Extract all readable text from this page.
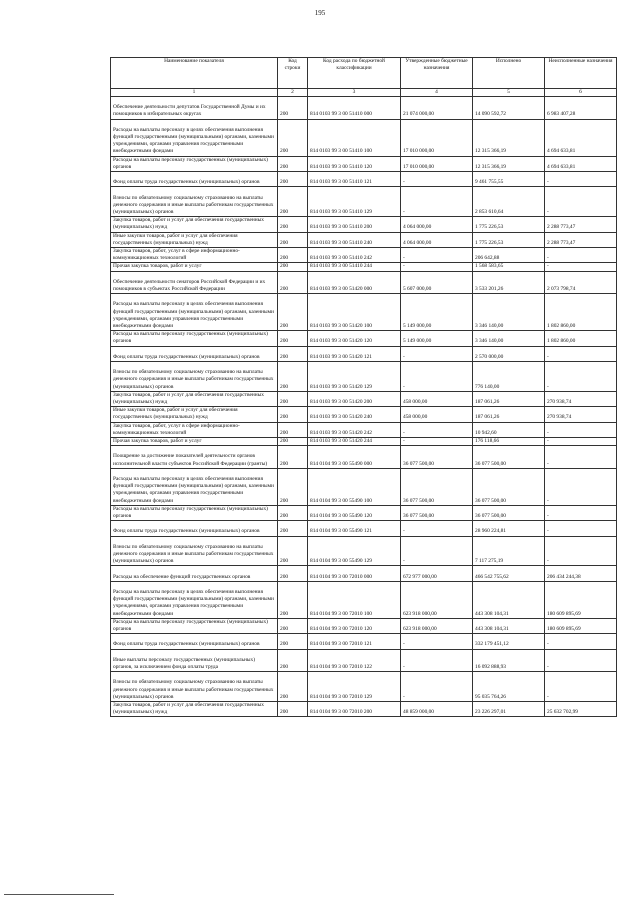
195
Наименование показателя	Код строки	Код расхода по бюджетной классификации	Утвержденные бюджетные назначения	Исполнено	Неисполненные назначения
1	2	3	4	5	6
Обеспечение деятельности депутатов Государственной Думы и их помощников в избирательных округах	200	814 0103 99 3 00 51410 000	21 074 000,00	14 090 592,72	6 983 407,28
Расходы на выплаты персоналу в целях обеспечения выполнения функций государственными (муниципальными) органами, казенными учреждениями, органами управления государственными внебюджетными фондами	200	814 0103 99 3 00 51410 100	17 010 000,00	12 315 366,19	4 694 633,81
Расходы на выплаты персоналу государственных (муниципальных) органов	200	814 0103 99 3 00 51410 120	17 010 000,00	12 315 366,19	4 694 633,81
Фонд оплаты труда государственных (муниципальных) органов	200	814 0103 99 3 00 51410 121	-	9 461 755,55	-
Взносы по обязательному социальному страхованию на выплаты денежного содержания и иные выплаты работникам государственных (муниципальных) органов	200	814 0103 99 3 00 51410 129	-	2 853 610,64	-
Закупка товаров, работ и услуг для обеспечения государственных (муниципальных) нужд	200	814 0103 99 3 00 51410 200	4 064 000,00	1 775 226,53	2 288 773,47
Иные закупки товаров, работ и услуг для обеспечения государственных (муниципальных) нужд	200	814 0103 99 3 00 51410 240	4 064 000,00	1 775 226,53	2 288 773,47
Закупка товаров, работ, услуг в сфере информационно-коммуникационных технологий	200	814 0103 99 3 00 51410 242	-	206 642,88	-
Прочая закупка товаров, работ и услуг	200	814 0103 99 3 00 51410 244	-	1 568 583,65	-
Обеспечение деятельности сенаторов Российской Федерации и их помощников в субъектах Российской Федерации	200	814 0103 99 3 00 51420 000	5 607 000,00	3 533 201,26	2 073 798,74
Расходы на выплаты персоналу в целях обеспечения выполнения функций государственными (муниципальными) органами, казенными учреждениями, органами управления государственными внебюджетными фондами	200	814 0103 99 3 00 51420 100	5 149 000,00	3 346 140,00	1 802 860,00
Расходы на выплаты персоналу государственных (муниципальных) органов	200	814 0103 99 3 00 51420 120	5 149 000,00	3 346 140,00	1 802 860,00
Фонд оплаты труда государственных (муниципальных) органов	200	814 0103 99 3 00 51420 121	-	2 570 000,00	-
Взносы по обязательному социальному страхованию на выплаты денежного содержания и иные выплаты работникам государственных (муниципальных) органов	200	814 0103 99 3 00 51420 129	-	776 140,00	-
Закупка товаров, работ и услуг для обеспечения государственных (муниципальных) нужд	200	814 0103 99 3 00 51420 200	458 000,00	187 061,26	270 938,74
Иные закупки товаров, работ и услуг для обеспечения государственных (муниципальных) нужд	200	814 0103 99 3 00 51420 240	458 000,00	187 061,26	270 938,74
Закупка товаров, работ, услуг в сфере информационно-коммуникационных технологий	200	814 0103 99 3 00 51420 242	-	10 942,60	-
Прочая закупка товаров, работ и услуг	200	814 0103 99 3 00 51420 244	-	176 118,66	-
Поощрение за достижение показателей деятельности органов исполнительной власти субъектов Российской Федерации (гранты)	200	814 0104 99 3 00 55490 000	36 077 500,00	36 077 500,00	-
Расходы на выплаты персоналу в целях обеспечения выполнения функций государственными (муниципальными) органами, казенными учреждениями, органами управления государственными внебюджетными фондами	200	814 0104 99 3 00 55490 100	36 077 500,00	36 077 500,00	-
Расходы на выплаты персоналу государственных (муниципальных) органов	200	814 0104 99 3 00 55490 120	36 077 500,00	36 077 500,00	-
Фонд оплаты труда государственных (муниципальных) органов	200	814 0104 99 3 00 55490 121	-	28 960 224,81	-
Взносы по обязательному социальному страхованию на выплаты денежного содержания и иные выплаты работникам государственных (муниципальных) органов	200	814 0104 99 3 00 55490 129	-	7 117 275,19	-
Расходы на обеспечение функций государственных органов	200	814 0104 99 3 00 72010 000	672 977 000,00	466 542 755,62	206 434 244,38
Расходы на выплаты персоналу в целях обеспечения выполнения функций государственными (муниципальными) органами, казенными учреждениями, органами управления государственными внебюджетными фондами	200	814 0104 99 3 00 72010 100	623 918 000,00	443 308 104,31	180 609 895,69
Расходы на выплаты персоналу государственных (муниципальных) органов	200	814 0104 99 3 00 72010 120	623 918 000,00	443 308 104,31	180 609 895,69
Фонд оплаты труда государственных (муниципальных) органов	200	814 0104 99 3 00 72010 121	-	332 179 451,12	-
Иные выплаты персоналу государственных (муниципальных) органов, за исключением фонда оплаты труда	200	814 0104 99 3 00 72010 122	-	16 092 888,93	-
Взносы по обязательному социальному страхованию на выплаты денежного содержания и иные выплаты работникам государственных (муниципальных) органов	200	814 0104 99 3 00 72010 129	-	95 035 764,26	-
Закупка товаров, работ и услуг для обеспечения государственных (муниципальных) нужд	200	814 0104 99 3 00 72010 200	48 859 000,00	23 226 297,01	25 632 702,99
